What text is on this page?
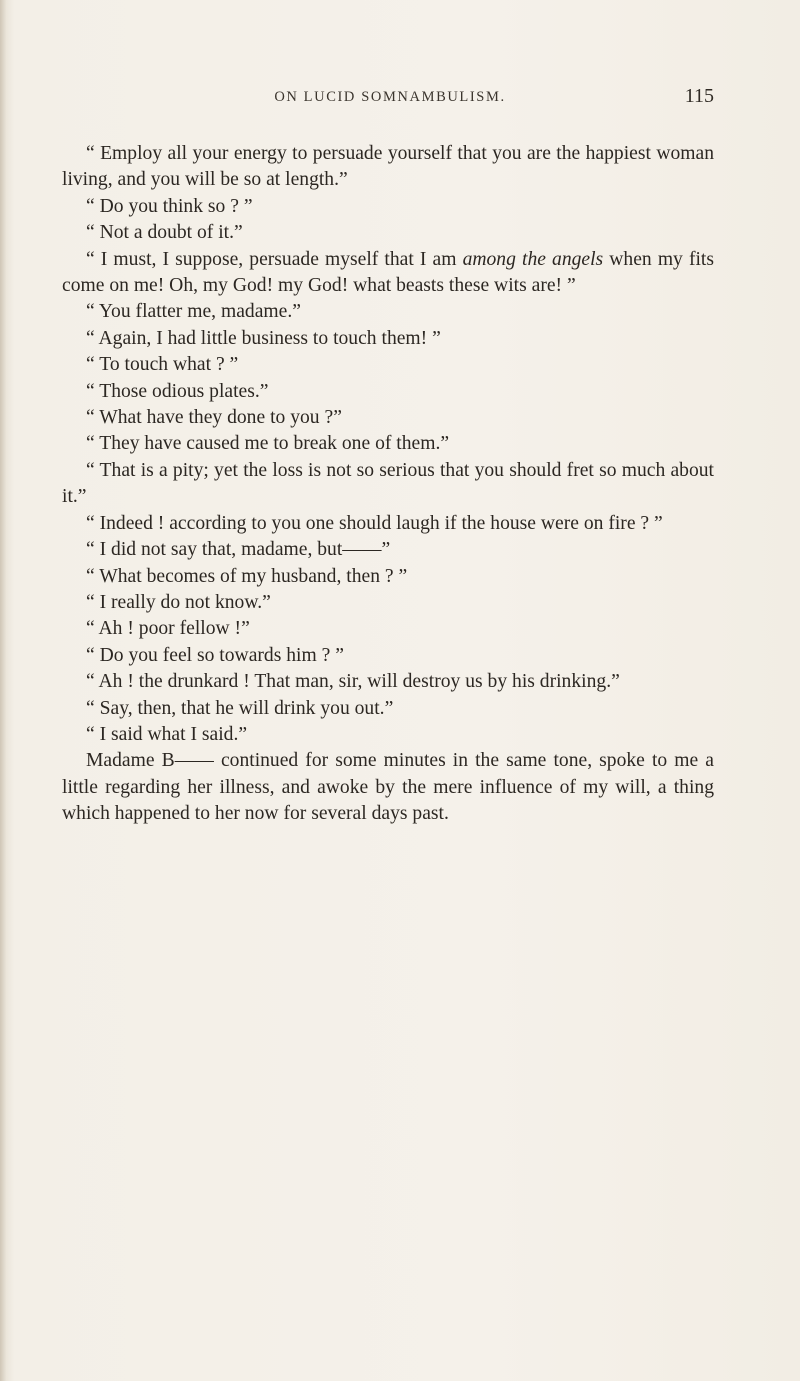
ON LUCID SOMNAMBULISM.	115

“ Employ all your energy to persuade yourself that you are the happiest woman living, and you will be so at length.”

“ Do you think so ? ”

“ Not a doubt of it.”

“ I must, I suppose, persuade myself that I am among the angels when my fits come on me! Oh, my God! my God! what beasts these wits are! ”

“ You flatter me, madame.”

“ Again, I had little business to touch them! ”

“ To touch what ? ”

“ Those odious plates.”

“ What have they done to you ?”

“ They have caused me to break one of them.”

“ That is a pity; yet the loss is not so serious that you should fret so much about it.”

“ Indeed ! according to you one should laugh if the house were on fire ? ”

“ I did not say that, madame, but——”

“ What becomes of my husband, then ? ”

“ I really do not know.”

“ Ah ! poor fellow !”

“ Do you feel so towards him ? ”

“ Ah ! the drunkard ! That man, sir, will destroy us by his drinking.”

“ Say, then, that he will drink you out.”

“ I said what I said.”

Madame B—— continued for some minutes in the same tone, spoke to me a little regarding her illness, and awoke by the mere influence of my will, a thing which happened to her now for several days past.
